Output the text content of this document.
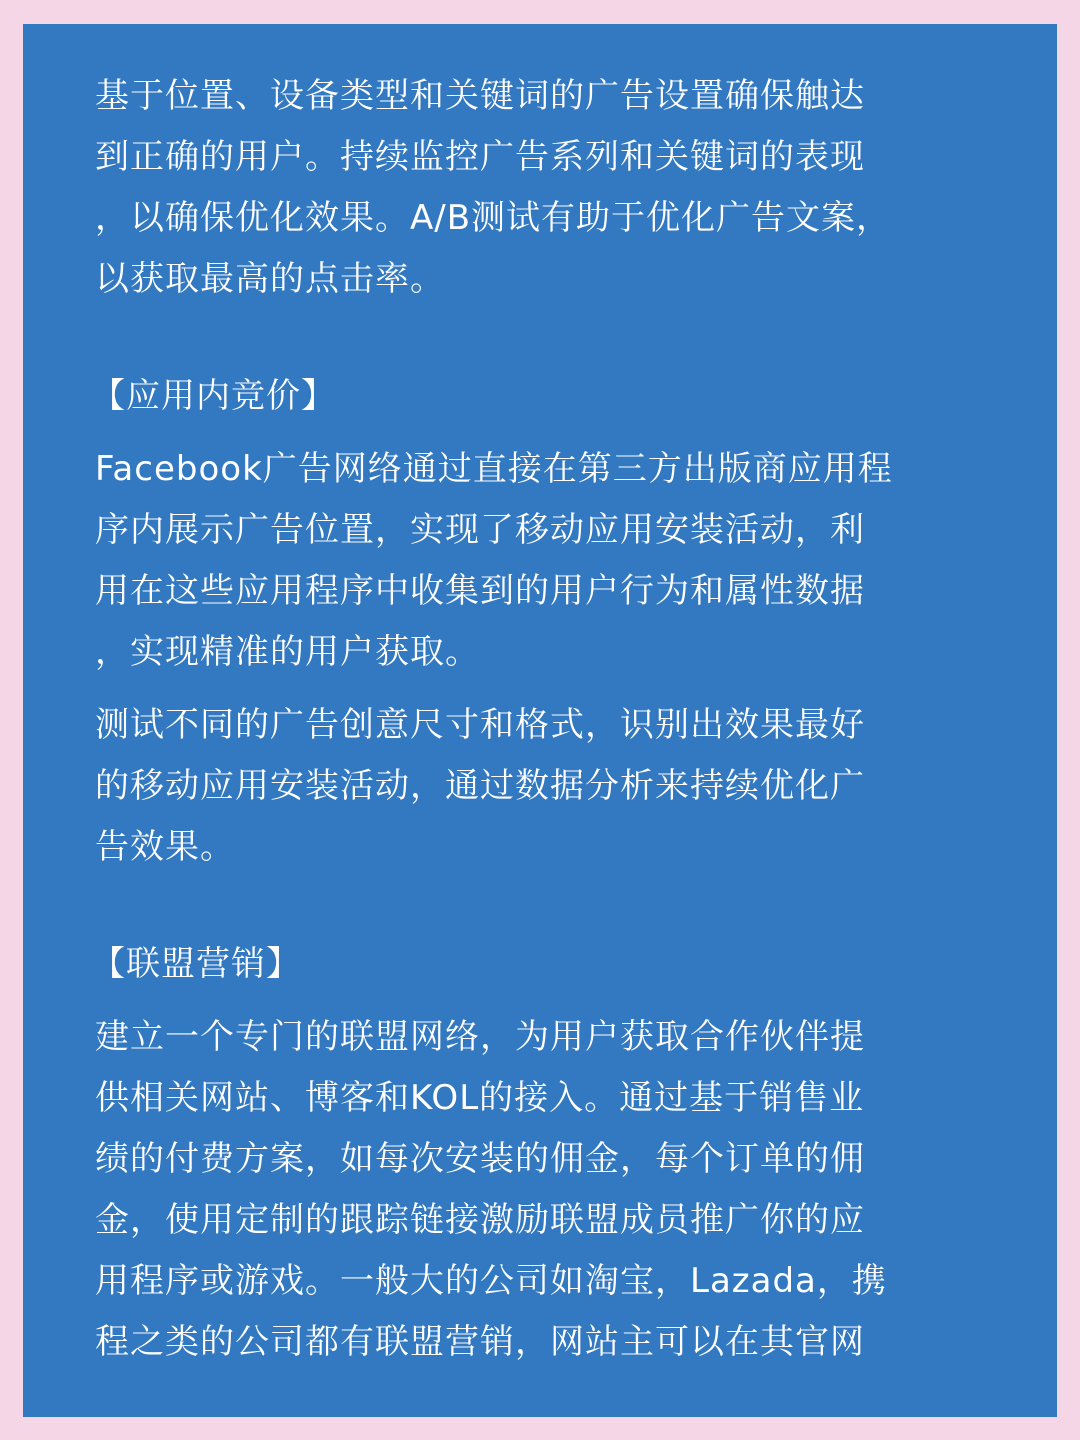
基于位置、设备类型和关键词的广告设置确保触达
到正确的用户。持续监控广告系列和关键词的表现
，以确保优化效果。A/B测试有助于优化广告文案，
以获取最高的点击率。
【应用内竞价】
Facebook广告网络通过直接在第三方出版商应用程
序内展示广告位置，实现了移动应用安装活动，利
用在这些应用程序中收集到的用户行为和属性数据
，实现精准的用户获取。
测试不同的广告创意尺寸和格式，识别出效果最好
的移动应用安装活动，通过数据分析来持续优化广
告效果。
【联盟营销】
建立一个专门的联盟网络，为用户获取合作伙伴提
供相关网站、博客和KOL的接入。通过基于销售业
绩的付费方案，如每次安装的佣金，每个订单的佣
金，使用定制的跟踪链接激励联盟成员推广你的应
用程序或游戏。一般大的公司如淘宝，Lazada，携
程之类的公司都有联盟营销，网站主可以在其官网
